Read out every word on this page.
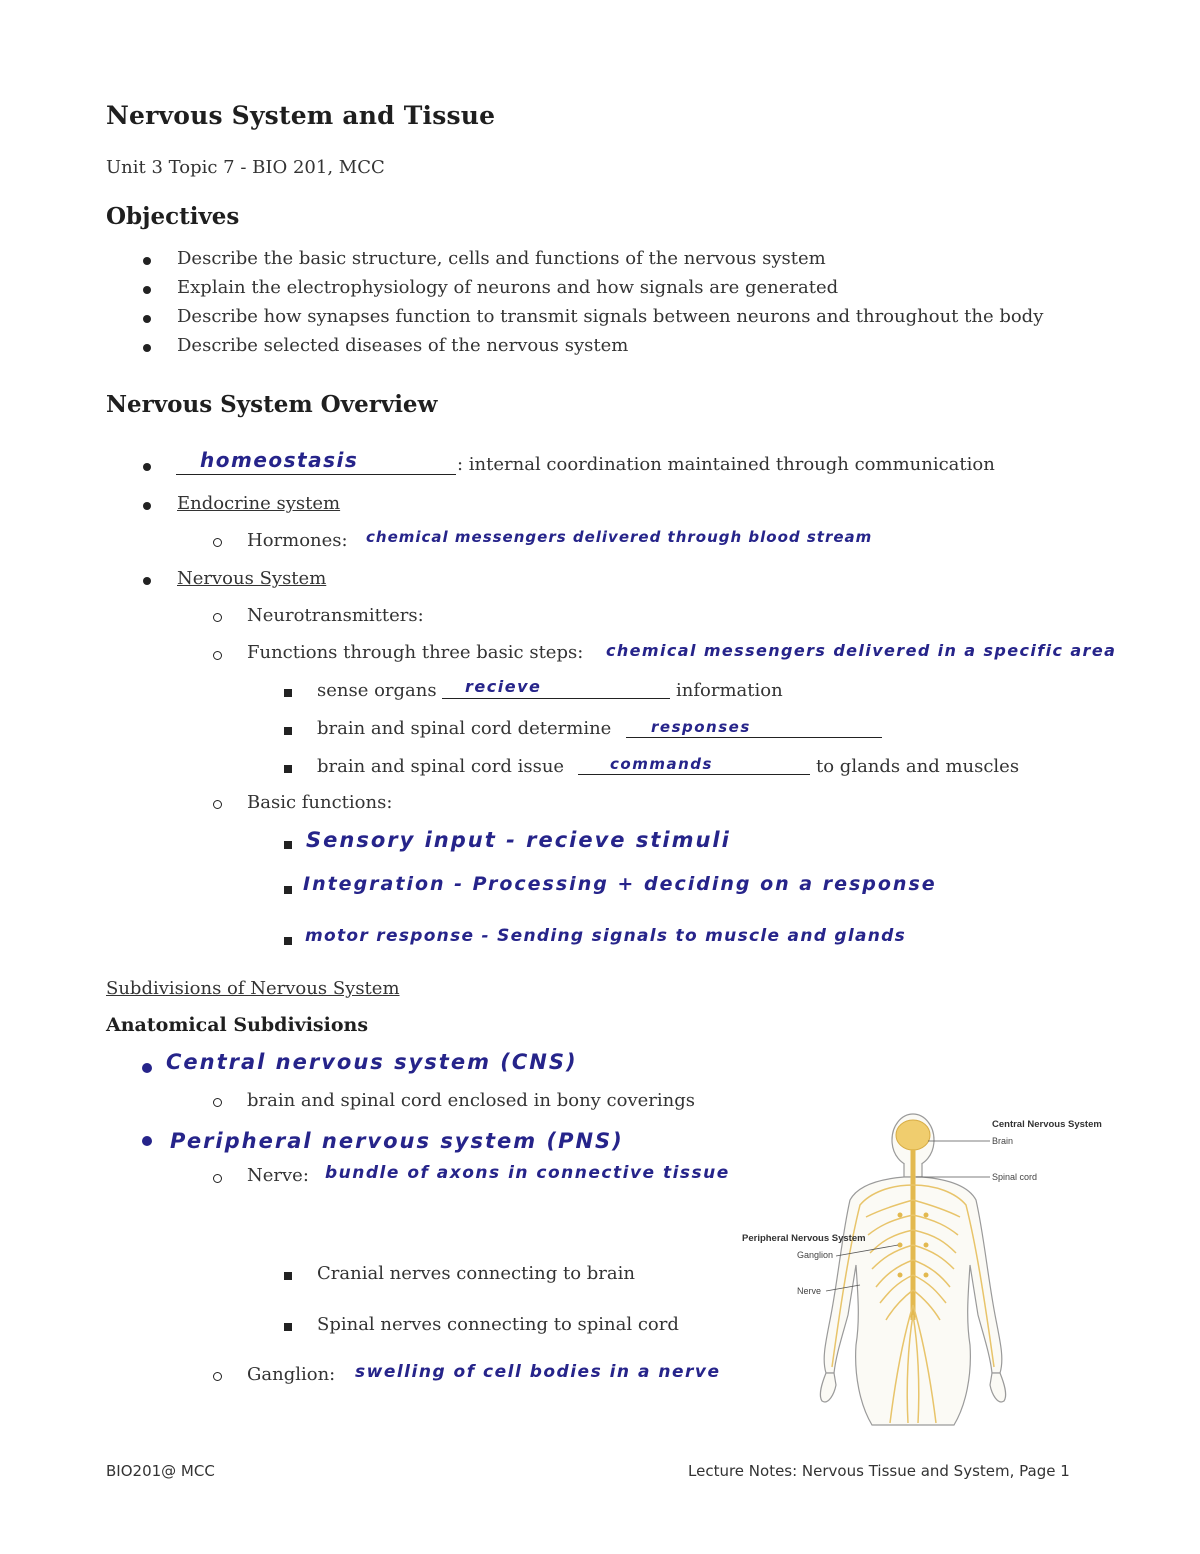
Nervous System and Tissue
Unit 3 Topic 7 - BIO 201, MCC
Objectives
Describe the basic structure, cells and functions of the nervous system
Explain the electrophysiology of neurons and how signals are generated
Describe how synapses function to transmit signals between neurons and throughout the body
Describe selected diseases of the nervous system
Nervous System Overview
homeostasis	: internal coordination maintained through communication
Endocrine system
Hormones: chemical messengers delivered through blood stream
Nervous System
Neurotransmitters:
Functions through three basic steps: chemical messengers delivered in a specific area
sense organs recieve	information
brain and spinal cord determine	responses
brain and spinal cord issue	commands	to glands and muscles
Basic functions:
Sensory input - recieve stimuli
Integration - Processing + deciding on a response
motor response - Sending signals to muscle and glands
Subdivisions of Nervous System
Anatomical Subdivisions
Central nervous system (CNS)
brain and spinal cord enclosed in bony coverings
Peripheral nervous system (PNS)
Nerve: bundle of axons in connective tissue
Cranial nerves connecting to brain
Spinal nerves connecting to spinal cord
Ganglion: swelling of cell bodies in a nerve
Central Nervous System
Brain
Spinal cord
Peripheral Nervous System
Ganglion
Nerve
BIO201@ MCC	Lecture Notes: Nervous Tissue and System, Page 1
